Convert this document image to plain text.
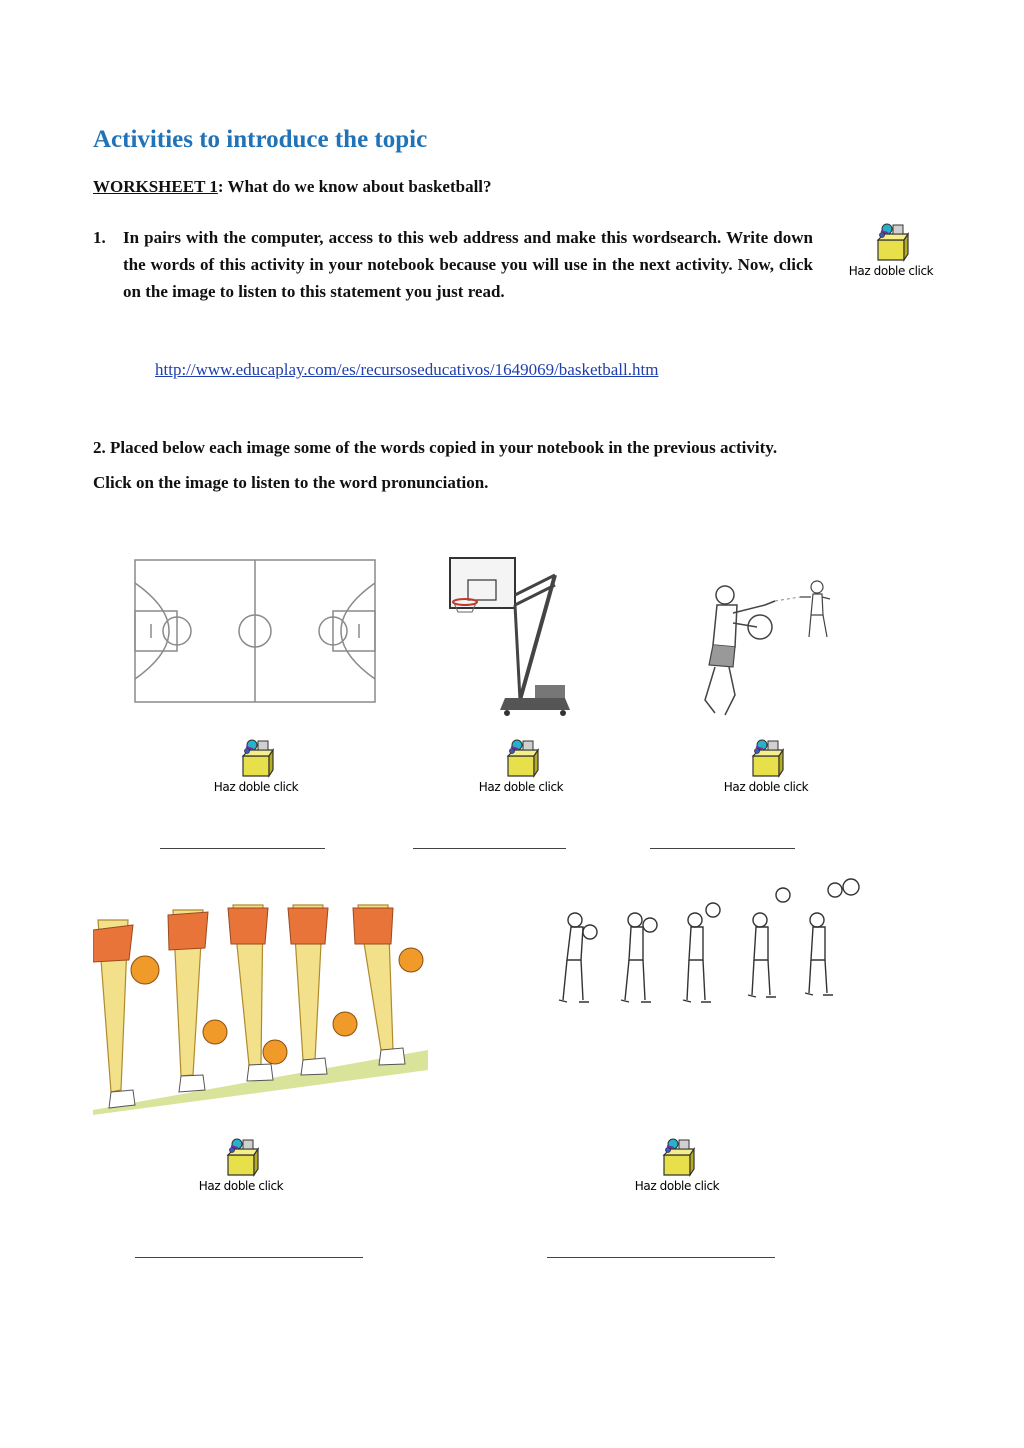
Activities to introduce the topic
WORKSHEET 1: What do we know about basketball?
1. In pairs with the computer, access to this web address and make this wordsearch. Write down the words of this activity in your notebook because you will use in the next activity. Now, click on the image to listen to this statement you just read.
Haz doble click
http://www.educaplay.com/es/recursoseducativos/1649069/basketball.htm
2. Placed below each image some of the words copied in your notebook in the previous activity.
Click on the image to listen to the word pronunciation.
Haz doble click	Haz doble click	Haz doble click
Haz doble click	Haz doble click
